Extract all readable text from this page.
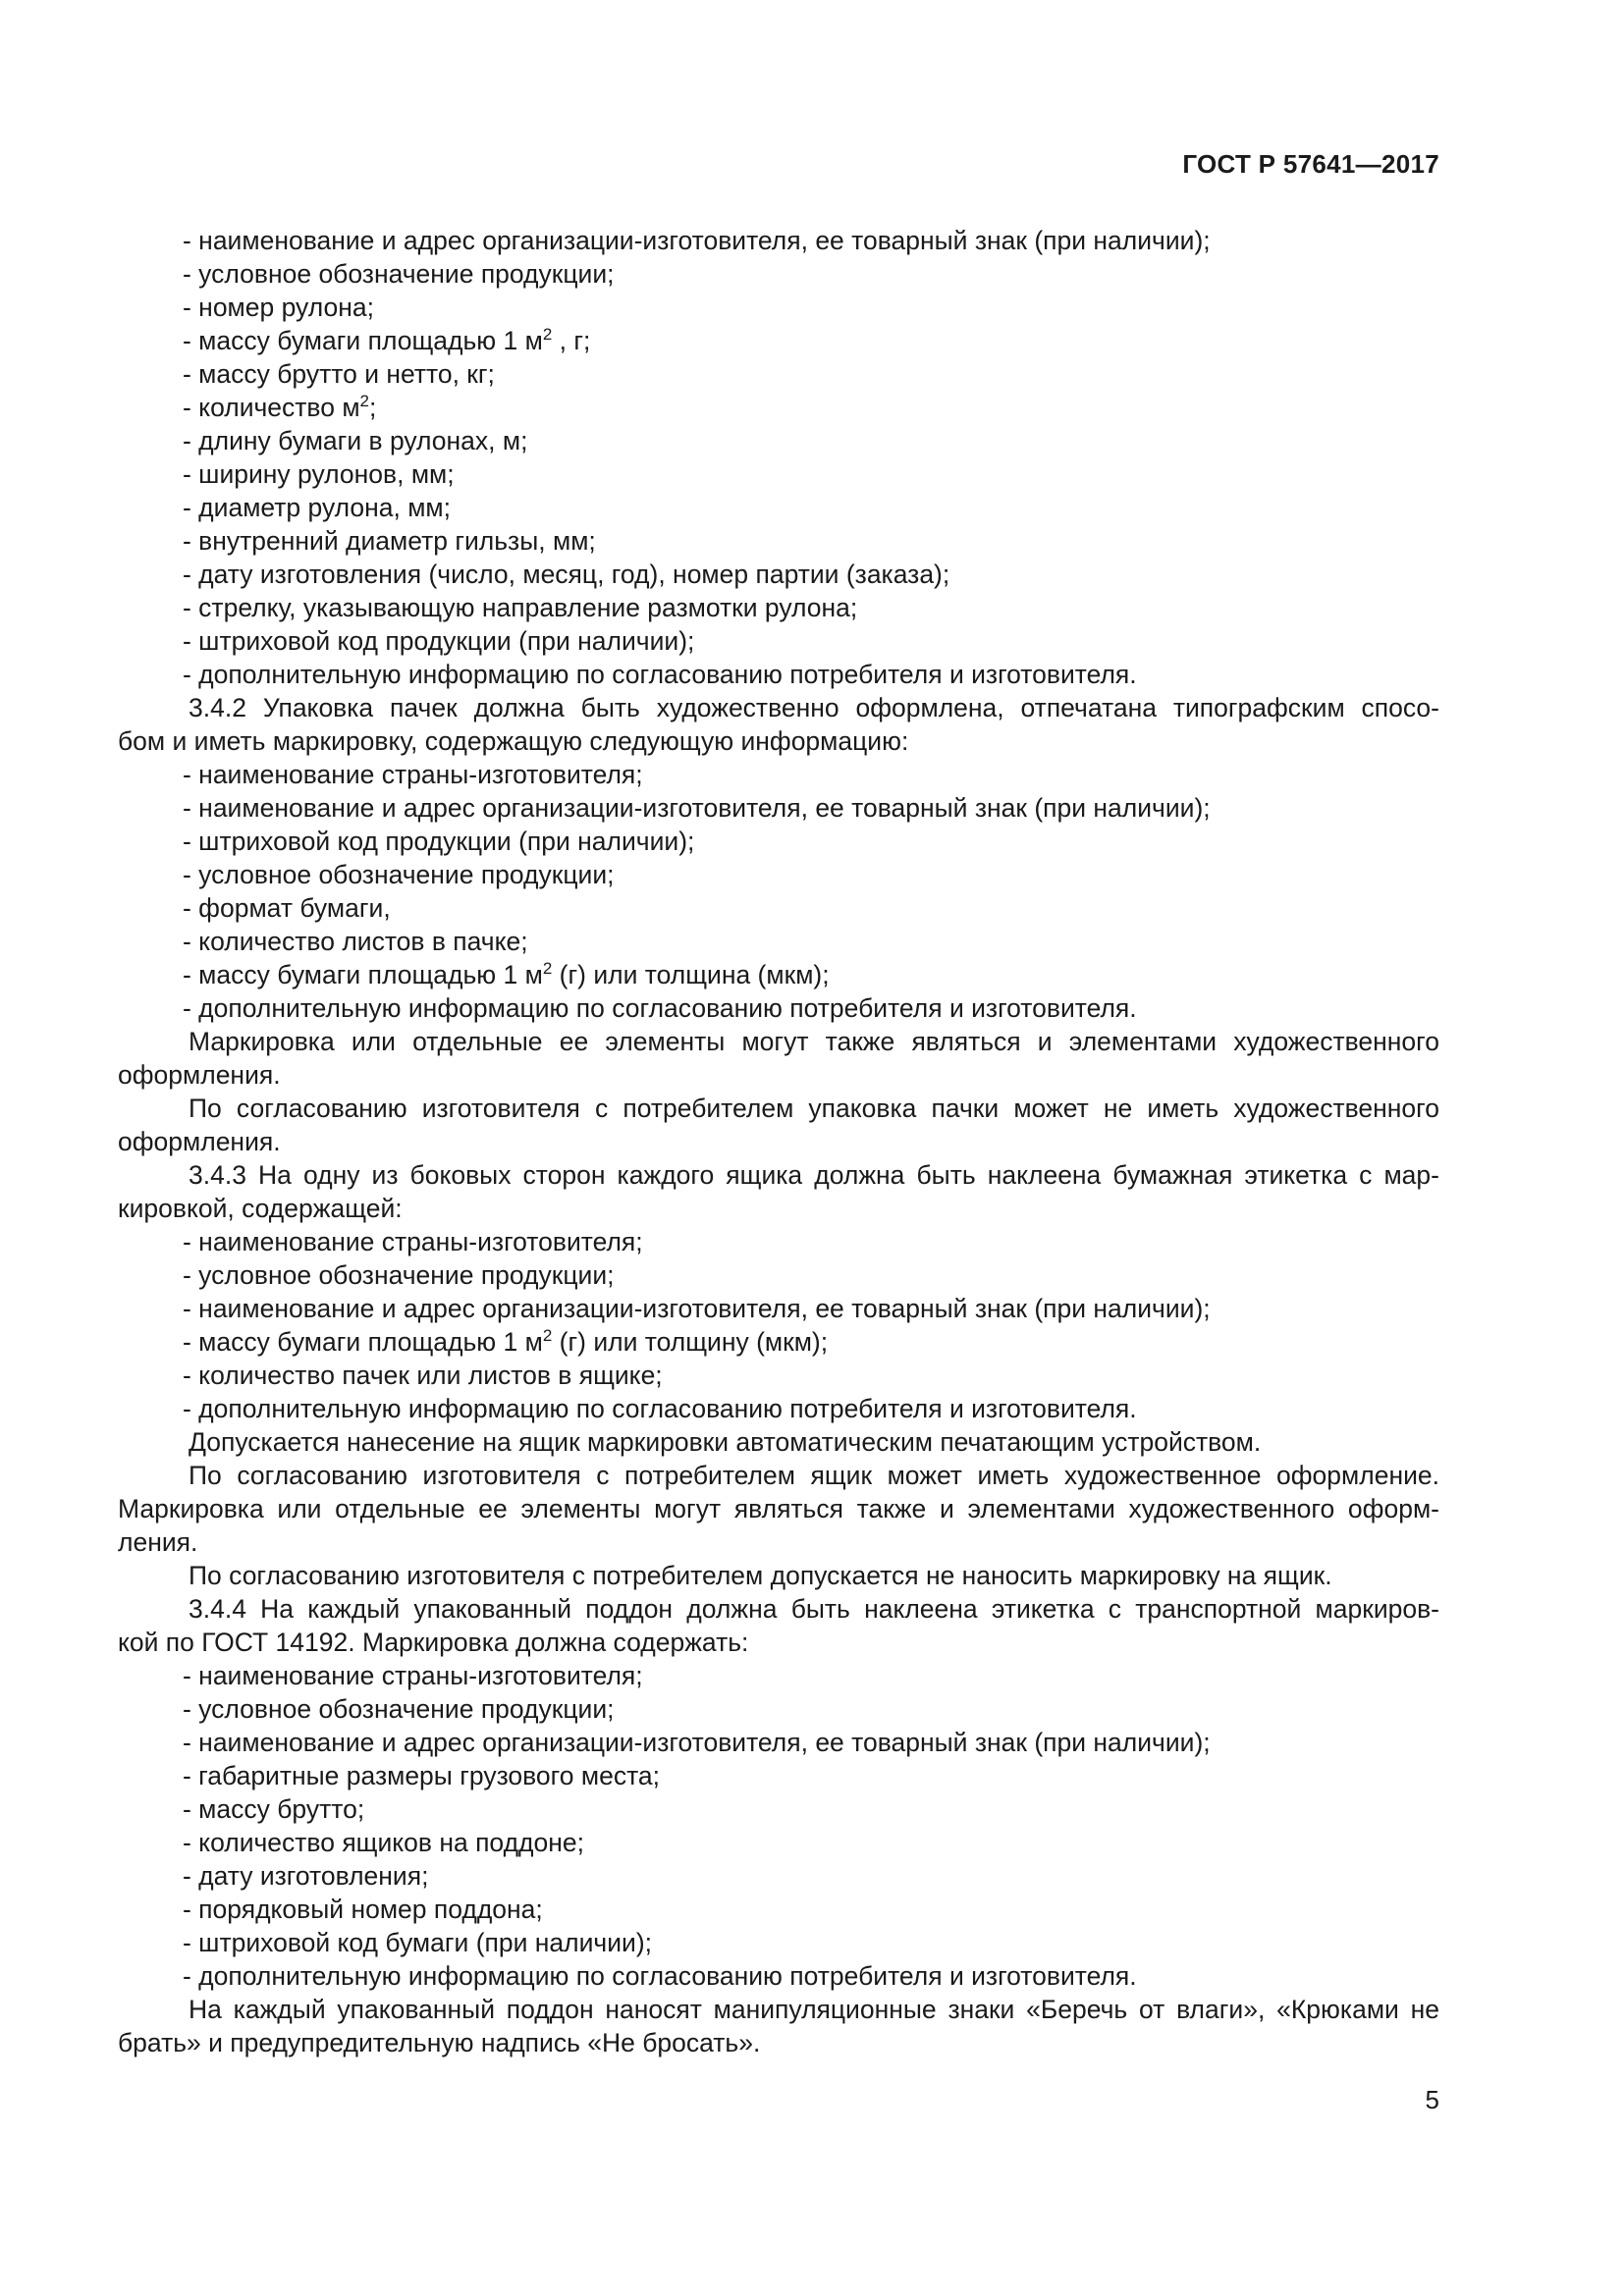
ГОСТ Р 57641—2017
- наименование и адрес организации-изготовителя, ее товарный знак (при наличии);
- условное обозначение продукции;
- номер рулона;
- массу бумаги площадью 1 $м^2$ , г;
- массу брутто и нетто, кг;
- количество $м^2$;
- длину бумаги в рулонах, м;
- ширину рулонов, мм;
- диаметр рулона, мм;
- внутренний диаметр гильзы, мм;
- дату изготовления (число, месяц, год), номер партии (заказа);
- стрелку, указывающую направление размотки рулона;
- штриховой код продукции (при наличии);
- дополнительную информацию по согласованию потребителя и изготовителя.
3.4.2 Упаковка пачек должна быть художественно оформлена, отпечатана типографским спосо-
бом и иметь маркировку, содержащую следующую информацию:
- наименование страны-изготовителя;
- наименование и адрес организации-изготовителя, ее товарный знак (при наличии);
- штриховой код продукции (при наличии);
- условное обозначение продукции;
- формат бумаги,
- количество листов в пачке;
- массу бумаги площадью 1 $м^2$ (г) или толщина (мкм);
- дополнительную информацию по согласованию потребителя и изготовителя.
Маркировка или отдельные ее элементы могут также являться и элементами художественного
оформления.
По согласованию изготовителя с потребителем упаковка пачки может не иметь художественного
оформления.
3.4.3 На одну из боковых сторон каждого ящика должна быть наклеена бумажная этикетка с мар-
кировкой, содержащей:
- наименование страны-изготовителя;
- условное обозначение продукции;
- наименование и адрес организации-изготовителя, ее товарный знак (при наличии);
- массу бумаги площадью 1 $м^2$ (г) или толщину (мкм);
- количество пачек или листов в ящике;
- дополнительную информацию по согласованию потребителя и изготовителя.
Допускается нанесение на ящик маркировки автоматическим печатающим устройством.
По согласованию изготовителя с потребителем ящик может иметь художественное оформление.
Маркировка или отдельные ее элементы могут являться также и элементами художественного оформ-
ления.
По согласованию изготовителя с потребителем допускается не наносить маркировку на ящик.
3.4.4 На каждый упакованный поддон должна быть наклеена этикетка с транспортной маркиров-
кой по ГОСТ 14192. Маркировка должна содержать:
- наименование страны-изготовителя;
- условное обозначение продукции;
- наименование и адрес организации-изготовителя, ее товарный знак (при наличии);
- габаритные размеры грузового места;
- массу брутто;
- количество ящиков на поддоне;
- дату изготовления;
- порядковый номер поддона;
- штриховой код бумаги (при наличии);
- дополнительную информацию по согласованию потребителя и изготовителя.
На каждый упакованный поддон наносят манипуляционные знаки «Беречь от влаги», «Крюками не
брать» и предупредительную надпись «Не бросать».
5
